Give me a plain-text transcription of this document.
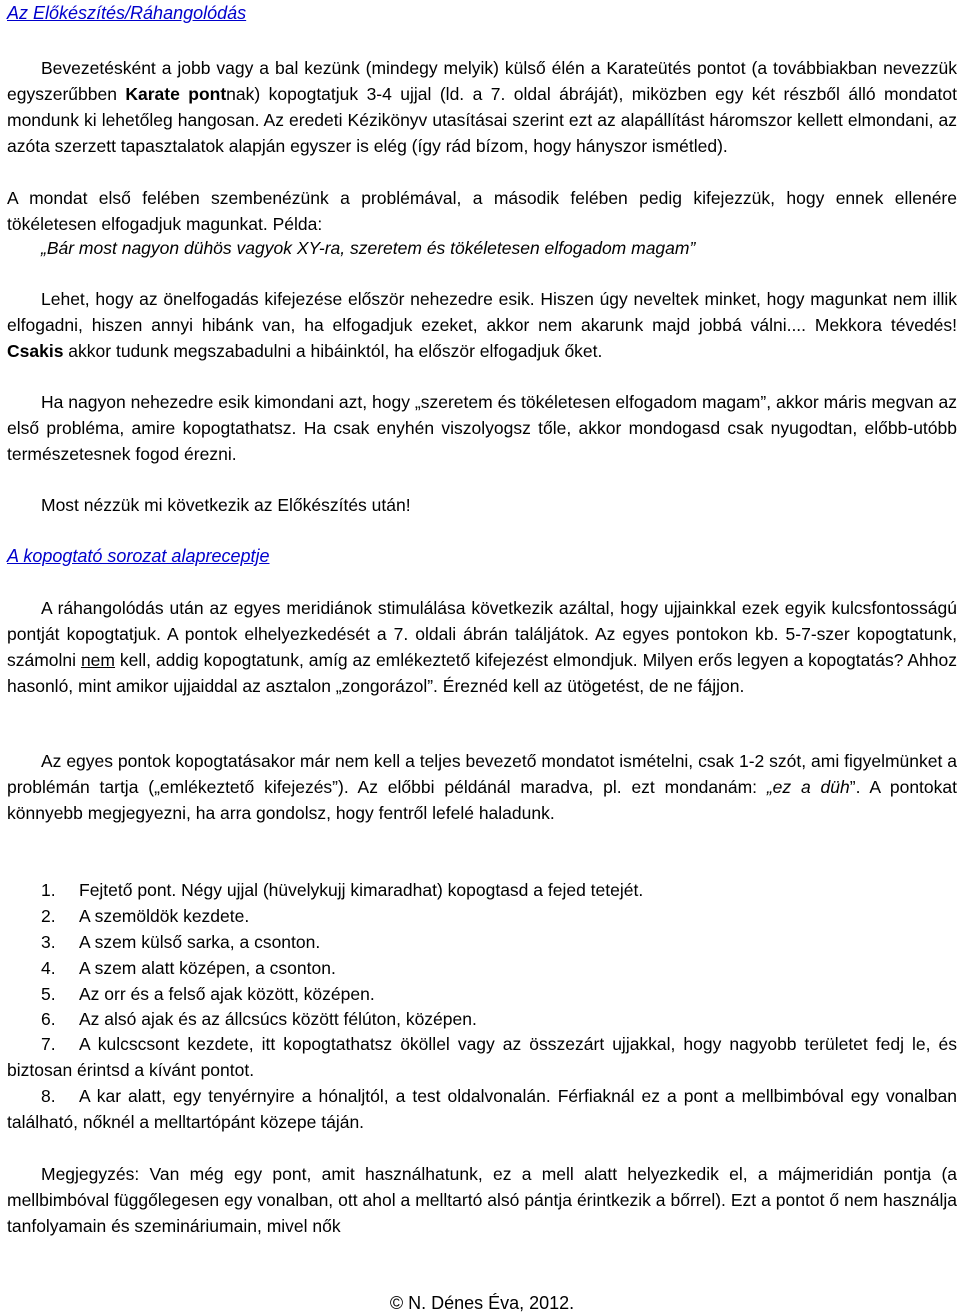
Az Előkészítés/Ráhangolódás

Bevezetésként a jobb vagy a bal kezünk (mindegy melyik) külső élén a Karateütés pontot (a továbbiakban nevezzük egyszerűbben Karate pontnak) kopogtatjuk 3-4 ujjal (ld. a 7. oldal ábráját), miközben egy két részből álló mondatot mondunk ki lehetőleg hangosan. Az eredeti Kézikönyv utasításai szerint ezt az alapállítást háromszor kellett elmondani, az azóta szerzett tapasztalatok alapján egyszer is elég (így rád bízom, hogy hányszor ismétled).

A mondat első felében szembenézünk a problémával, a második felében pedig kifejezzük, hogy ennek ellenére tökéletesen elfogadjuk magunkat. Példa:

„Bár most nagyon dühös vagyok XY-ra, szeretem és tökéletesen elfogadom magam”

Lehet, hogy az önelfogadás kifejezése először nehezedre esik. Hiszen úgy neveltek minket, hogy magunkat nem illik elfogadni, hiszen annyi hibánk van, ha elfogadjuk ezeket, akkor nem akarunk majd jobbá válni.... Mekkora tévedés! Csakis akkor tudunk megszabadulni a hibáinktól, ha először elfogadjuk őket.

Ha nagyon nehezedre esik kimondani azt, hogy „szeretem és tökéletesen elfogadom magam”, akkor máris megvan az első probléma, amire kopogtathatsz. Ha csak enyhén viszolyogsz tőle, akkor mondogasd csak nyugodtan, előbb-utóbb természetesnek fogod érezni.

Most nézzük mi következik az Előkészítés után!

A kopogtató sorozat alapreceptje

A ráhangolódás után az egyes meridiánok stimulálása következik azáltal, hogy ujjainkkal ezek egyik kulcsfontosságú pontját kopogtatjuk. A pontok elhelyezkedését a 7. oldali ábrán találjátok. Az egyes pontokon kb. 5-7-szer kopogtatunk, számolni nem kell, addig kopogtatunk, amíg az emlékeztető kifejezést elmondjuk. Milyen erős legyen a kopogtatás? Ahhoz hasonló, mint amikor ujjaiddal az asztalon „zongorázol”. Éreznéd kell az ütögetést, de ne fájjon.

Az egyes pontok kopogtatásakor már nem kell a teljes bevezető mondatot ismételni, csak 1-2 szót, ami figyelmünket a problémán tartja („emlékeztető kifejezés”). Az előbbi példánál maradva, pl. ezt mondanám: „ez a düh”. A pontokat könnyebb megjegyezni, ha arra gondolsz, hogy fentről lefelé haladunk.

1. Fejtető pont. Négy ujjal (hüvelykujj kimaradhat) kopogtasd a fejed tetejét.

2. A szemöldök kezdete.

3. A szem külső sarka, a csonton.

4. A szem alatt középen, a csonton.

5. Az orr és a felső ajak között, középen.

6. Az alsó ajak és az állcsúcs között félúton, középen.

7. A kulcscsont kezdete, itt kopogtathatsz ököllel vagy az összezárt ujjakkal, hogy nagyobb területet fedj le, és biztosan érintsd a kívánt pontot.

8. A kar alatt, egy tenyérnyire a hónaljtól, a test oldalvonalán. Férfiaknál ez a pont a mellbimbóval egy vonalban található, nőknél a melltartópánt közepe táján.

Megjegyzés: Van még egy pont, amit használhatunk, ez a mell alatt helyezkedik el, a májmeridián pontja (a mellbimbóval függőlegesen egy vonalban, ott ahol a melltartó alsó pántja érintkezik a bőrrel). Ezt a pontot ő nem használja tanfolyamain és szemináriumain, mivel nők

© N. Dénes Éva, 2012.
